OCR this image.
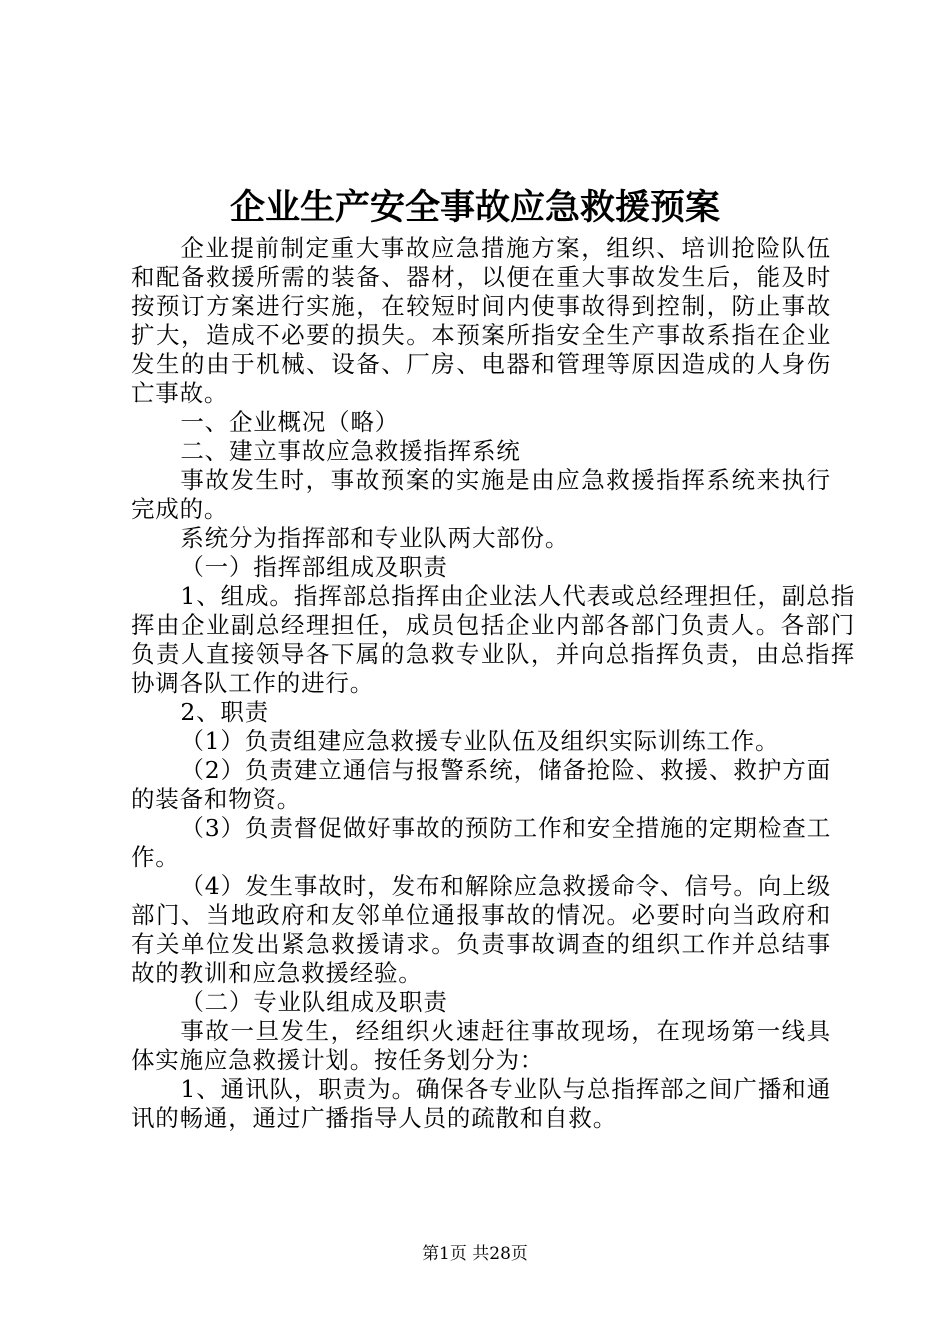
企业生产安全事故应急救援预案

企业提前制定重大事故应急措施方案，组织、培训抢险队伍和配备救援所需的装备、器材，以便在重大事故发生后，能及时按预订方案进行实施，在较短时间内使事故得到控制，防止事故扩大，造成不必要的损失。本预案所指安全生产事故系指在企业发生的由于机械、设备、厂房、电器和管理等原因造成的人身伤亡事故。

一、企业概况（略）

二、建立事故应急救援指挥系统

事故发生时，事故预案的实施是由应急救援指挥系统来执行完成的。

系统分为指挥部和专业队两大部份。

（一）指挥部组成及职责

1、组成。指挥部总指挥由企业法人代表或总经理担任，副总指挥由企业副总经理担任，成员包括企业内部各部门负责人。各部门负责人直接领导各下属的急救专业队，并向总指挥负责，由总指挥协调各队工作的进行。

2、职责

（1）负责组建应急救援专业队伍及组织实际训练工作。

（2）负责建立通信与报警系统，储备抢险、救援、救护方面的装备和物资。

（3）负责督促做好事故的预防工作和安全措施的定期检查工作。

（4）发生事故时，发布和解除应急救援命令、信号。向上级部门、当地政府和友邻单位通报事故的情况。必要时向当政府和有关单位发出紧急救援请求。负责事故调查的组织工作并总结事故的教训和应急救援经验。

（二）专业队组成及职责

事故一旦发生，经组织火速赶往事故现场，在现场第一线具体实施应急救援计划。按任务划分为：

1、通讯队，职责为。确保各专业队与总指挥部之间广播和通讯的畅通，通过广播指导人员的疏散和自救。

第1页 共28页
